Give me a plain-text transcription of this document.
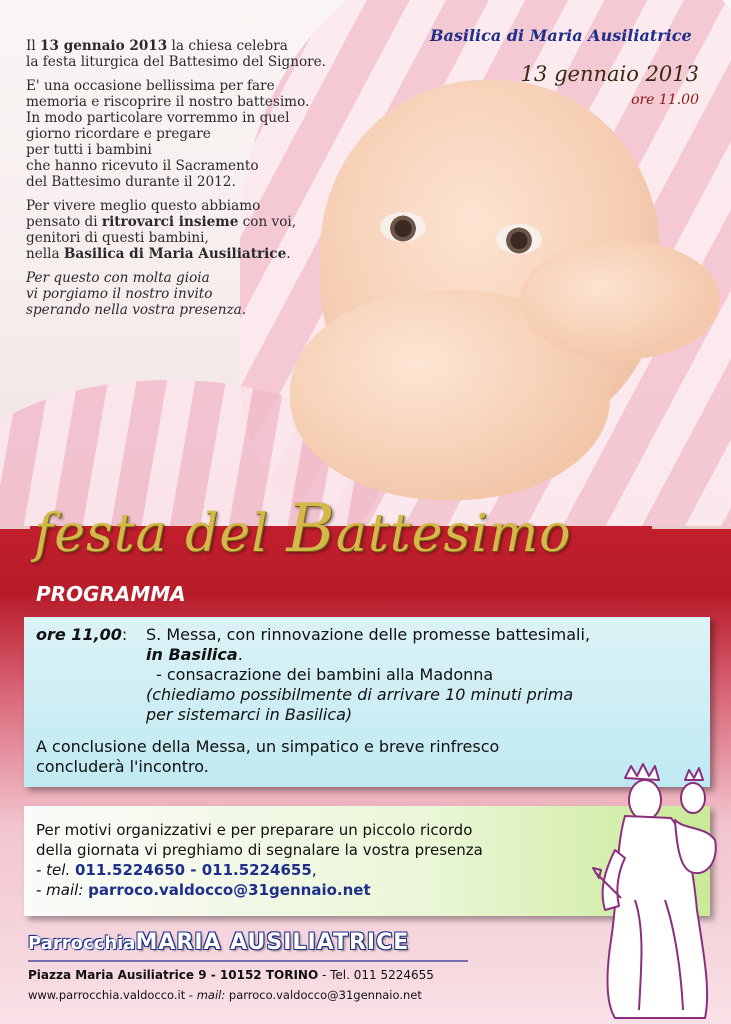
Il 13 gennaio 2013 la chiesa celebra
la festa liturgica del Battesimo del Signore.

E' una occasione bellissima per fare
memoria e riscoprire il nostro battesimo.
In modo particolare vorremmo in quel
giorno ricordare e pregare
per tutti i bambini
che hanno ricevuto il Sacramento
del Battesimo durante il 2012.

Per vivere meglio questo abbiamo
pensato di ritrovarci insieme con voi,
genitori di questi bambini,
nella Basilica di Maria Ausiliatrice.

Per questo con molta gioia
vi porgiamo il nostro invito
sperando nella vostra presenza.

Basilica di Maria Ausiliatrice
13 gennaio 2013
ore 11.00
festa del Battesimo
PROGRAMMA
ore 11,00:	S. Messa, con rinnovazione delle promesse battesimali,
in Basilica.
- consacrazione dei bambini alla Madonna
(chiediamo possibilmente di arrivare 10 minuti prima
per sistemarci in Basilica)
A conclusione della Messa, un simpatico e breve rinfresco
concluderà l'incontro.
Per motivi organizzativi e per preparare un piccolo ricordo
della giornata vi preghiamo di segnalare la vostra presenza
- tel. 011.5224650 - 011.5224655,
- mail: parroco.valdocco@31gennaio.net
ParrocchiaMARIA AUSILIATRICE
Piazza Maria Ausiliatrice 9 - 10152 TORINO - Tel. 011 5224655
www.parrocchia.valdocco.it - mail: parroco.valdocco@31gennaio.net
